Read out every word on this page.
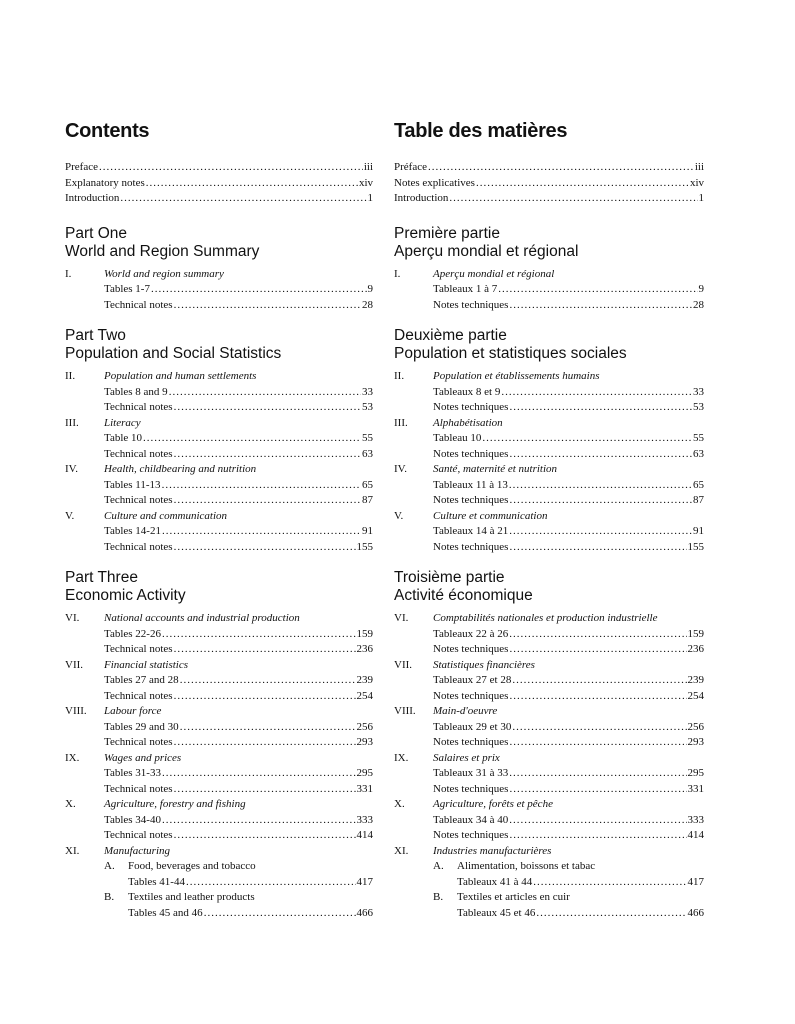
Contents
Preface .....	iii
Explanatory notes .....	xiv
Introduction .....	1
Part One
World and Region Summary
I.	World and region summary
Tables 1-7 .....	9
Technical notes .....	28
Part Two
Population and Social Statistics
II.	Population and human settlements
Tables 8 and 9 .....	33
Technical notes .....	53
III.	Literacy
Table 10 .....	55
Technical notes .....	63
IV.	Health, childbearing and nutrition
Tables 11-13 .....	65
Technical notes .....	87
V.	Culture and communication
Tables 14-21 .....	91
Technical notes .....	155
Part Three
Economic Activity
VI.	National accounts and industrial production
Tables 22-26 .....	159
Technical notes .....	236
VII.	Financial statistics
Tables 27 and 28 .....	239
Technical notes .....	254
VIII.	Labour force
Tables 29 and 30 .....	256
Technical notes .....	293
IX.	Wages and prices
Tables 31-33 .....	295
Technical notes .....	331
X.	Agriculture, forestry and fishing
Tables 34-40 .....	333
Technical notes .....	414
XI.	Manufacturing
A.	Food, beverages and tobacco
Tables 41-44 .....	417
B.	Textiles and leather products
Tables 45 and 46 .....	466
Table des matières
Préface .....	iii
Notes explicatives .....	xiv
Introduction .....	1
Première partie
Aperçu mondial et régional
I.	Aperçu mondial et régional
Tableaux 1 à 7 .....	9
Notes techniques .....	28
Deuxième partie
Population et statistiques sociales
II.	Population et établissements humains
Tableaux 8 et 9 .....	33
Notes techniques .....	53
III.	Alphabétisation
Tableau 10 .....	55
Notes techniques .....	63
IV.	Santé, maternité et nutrition
Tableaux 11 à 13 .....	65
Notes techniques .....	87
V.	Culture et communication
Tableaux 14 à 21 .....	91
Notes techniques .....	155
Troisième partie
Activité économique
VI.	Comptabilités nationales et production industrielle
Tableaux 22 à 26 .....	159
Notes techniques .....	236
VII.	Statistiques financières
Tableaux 27 et 28 .....	239
Notes techniques .....	254
VIII.	Main-d'oeuvre
Tableaux 29 et 30 .....	256
Notes techniques .....	293
IX.	Salaires et prix
Tableaux 31 à 33 .....	295
Notes techniques .....	331
X.	Agriculture, forêts et pêche
Tableaux 34 à 40 .....	333
Notes techniques .....	414
XI.	Industries manufacturières
A.	Alimentation, boissons et tabac
Tableaux 41 à 44 .....	417
B.	Textiles et articles en cuir
Tableaux 45 et 46 .....	466
